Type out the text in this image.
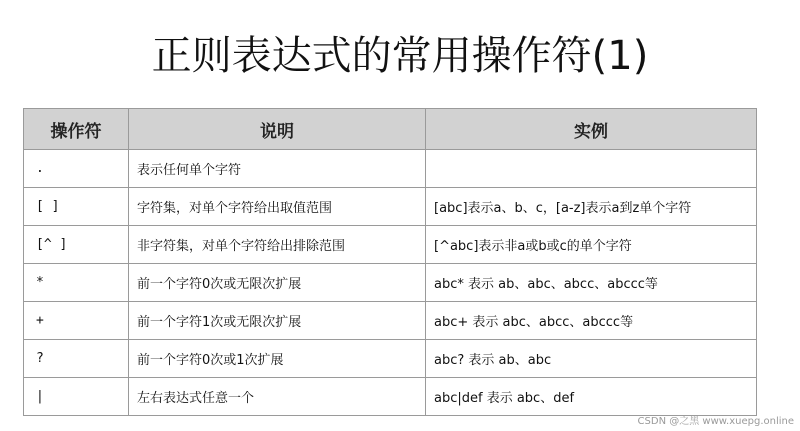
正则表达式的常用操作符(1)
操作符	说明	实例
.	表示任何单个字符	
[ ]	字符集，对单个字符给出取值范围	[abc]表示a、b、c，[a-z]表示a到z单个字符
[^ ]	非字符集，对单个字符给出排除范围	[^abc]表示非a或b或c的单个字符
*	前一个字符0次或无限次扩展	abc* 表示 ab、abc、abcc、abccc等
+	前一个字符1次或无限次扩展	abc+ 表示 abc、abcc、abccc等
?	前一个字符0次或1次扩展	abc? 表示 ab、abc
|	左右表达式任意一个	abc|def 表示 abc、def
CSDN @之黑 www.xuepg.online
